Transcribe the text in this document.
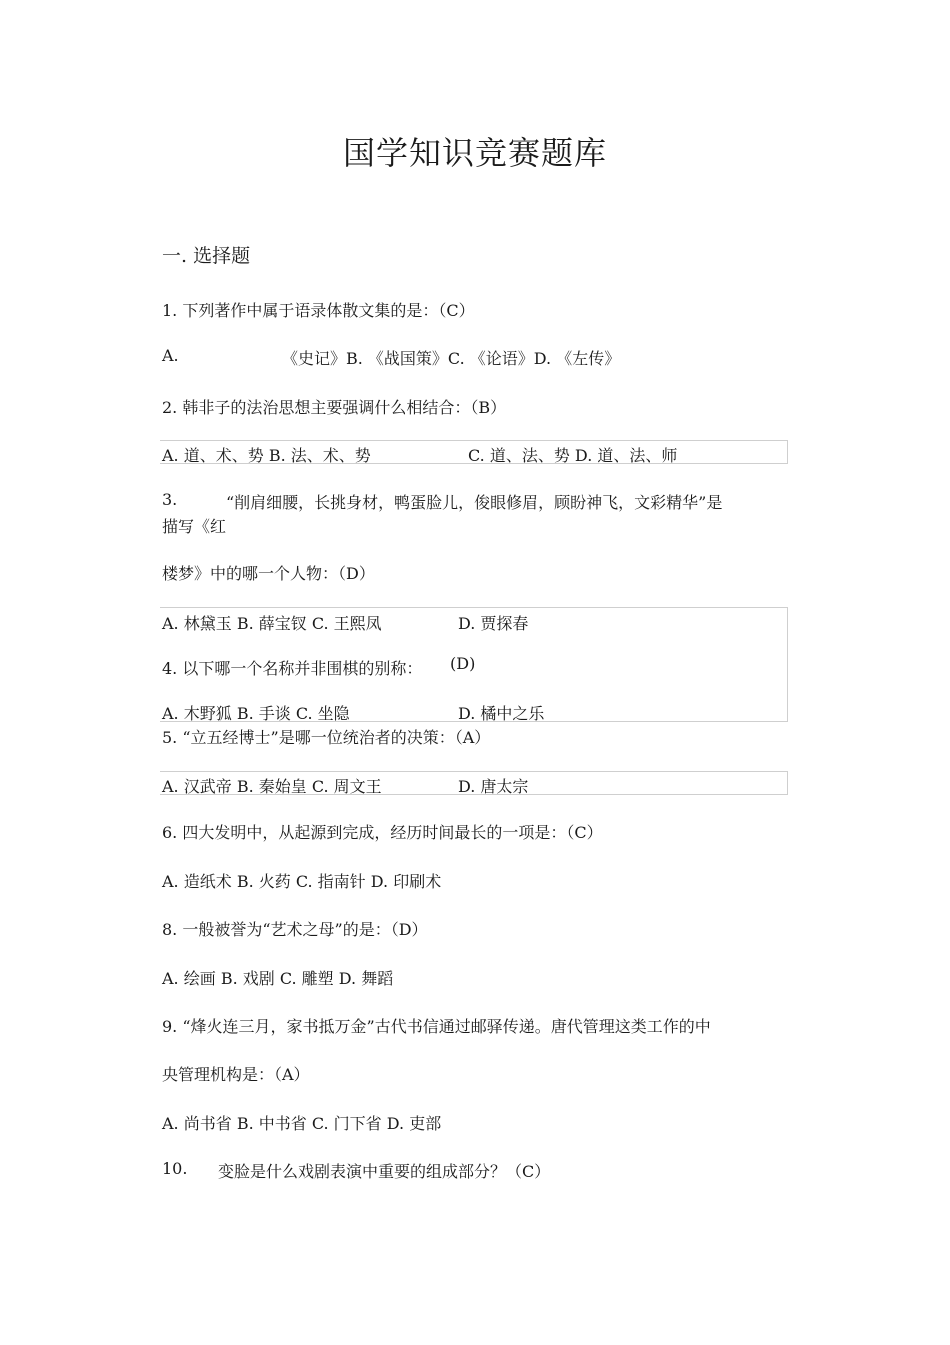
国学知识竞赛题库
一. 选择题
1. 下列著作中属于语录体散文集的是：（C）
A.	《史记》B. 《战国策》C. 《论语》D. 《左传》
2. 韩非子的法治思想主要强调什么相结合：（B）
A. 道、术、势 B. 法、术、势	C. 道、法、势 D. 道、法、师
3.	“削肩细腰，长挑身材，鸭蛋脸儿，俊眼修眉，顾盼神飞，文彩精华”是
描写《红
楼梦》中的哪一个人物：（D）
A. 林黛玉 B. 薛宝钗 C. 王熙凤	D. 贾探春
4. 以下哪一个名称并非围棋的别称： (D)
A. 木野狐 B. 手谈 C. 坐隐	D. 橘中之乐
5. “立五经博士”是哪一位统治者的决策：（A）
A. 汉武帝 B. 秦始皇 C. 周文王	D. 唐太宗
6. 四大发明中，从起源到完成，经历时间最长的一项是：（C）
A. 造纸术 B. 火药 C. 指南针 D. 印刷术
8. 一般被誉为“艺术之母”的是：（D）
A. 绘画 B. 戏剧 C. 雕塑 D. 舞蹈
9. “烽火连三月，家书抵万金”古代书信通过邮驿传递。唐代管理这类工作的中
央管理机构是：（A）
A. 尚书省 B. 中书省 C. 门下省 D. 吏部
10. 变脸是什么戏剧表演中重要的组成部分？（C）
